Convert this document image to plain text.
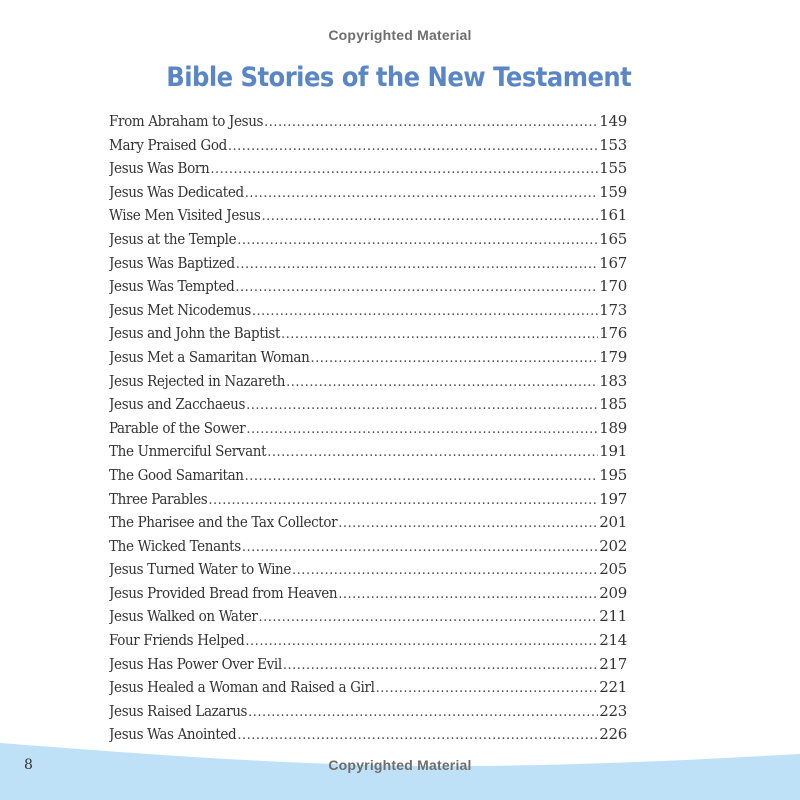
Copyrighted Material
Bible Stories of the New Testament
From Abraham to Jesus .....	149
Mary Praised God .....	153
Jesus Was Born .....	155
Jesus Was Dedicated .....	159
Wise Men Visited Jesus .....	161
Jesus at the Temple .....	165
Jesus Was Baptized .....	167
Jesus Was Tempted .....	170
Jesus Met Nicodemus .....	173
Jesus and John the Baptist .....	176
Jesus Met a Samaritan Woman .....	179
Jesus Rejected in Nazareth .....	183
Jesus and Zacchaeus .....	185
Parable of the Sower .....	189
The Unmerciful Servant .....	191
The Good Samaritan .....	195
Three Parables .....	197
The Pharisee and the Tax Collector .....	201
The Wicked Tenants .....	202
Jesus Turned Water to Wine .....	205
Jesus Provided Bread from Heaven .....	209
Jesus Walked on Water .....	211
Four Friends Helped .....	214
Jesus Has Power Over Evil .....	217
Jesus Healed a Woman and Raised a Girl .....	221
Jesus Raised Lazarus .....	223
Jesus Was Anointed .....	226
8	Copyrighted Material
